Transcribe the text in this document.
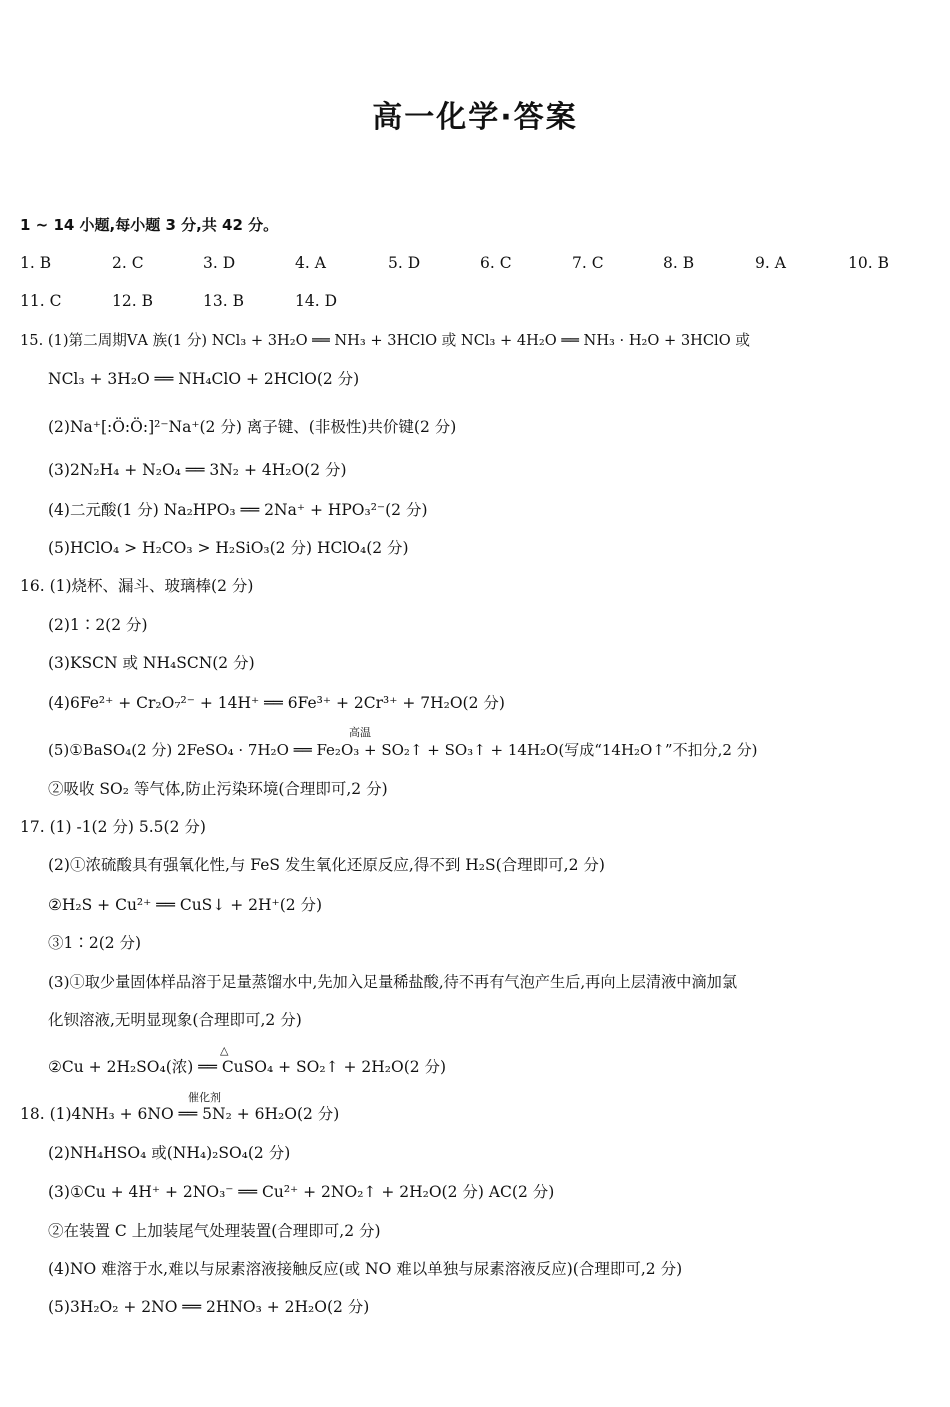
高一化学·答案
1 ~ 14 小题,每小题 3 分,共 42 分。
1. B	2. C	3. D	4. A	5. D	6. C	7. C	8. B	9. A	10. B
11. C	12. B	13. B	14. D
15. (1)第二周期ⅤA 族(1 分) NCl₃ + 3H₂O ══ NH₃ + 3HClO 或 NCl₃ + 4H₂O ══ NH₃ · H₂O + 3HClO 或
NCl₃ + 3H₂O ══ NH₄ClO + 2HClO(2 分)
(2)Na⁺[:Ö:Ö:]²⁻Na⁺(2 分) 离子键、(非极性)共价键(2 分)
(3)2N₂H₄ + N₂O₄ ══ 3N₂ + 4H₂O(2 分)
(4)二元酸(1 分) Na₂HPO₃ ══ 2Na⁺ + HPO₃²⁻(2 分)
(5)HClO₄ > H₂CO₃ > H₂SiO₃(2 分) HClO₄(2 分)
16. (1)烧杯、漏斗、玻璃棒(2 分)
(2)1∶2(2 分)
(3)KSCN 或 NH₄SCN(2 分)
(4)6Fe²⁺ + Cr₂O₇²⁻ + 14H⁺ ══ 6Fe³⁺ + 2Cr³⁺ + 7H₂O(2 分)
高温
(5)①BaSO₄(2 分) 2FeSO₄ · 7H₂O ══ Fe₂O₃ + SO₂↑ + SO₃↑ + 14H₂O(写成“14H₂O↑”不扣分,2 分)
②吸收 SO₂ 等气体,防止污染环境(合理即可,2 分)
17. (1) -1(2 分) 5.5(2 分)
(2)①浓硫酸具有强氧化性,与 FeS 发生氧化还原反应,得不到 H₂S(合理即可,2 分)
②H₂S + Cu²⁺ ══ CuS↓ + 2H⁺(2 分)
③1∶2(2 分)
(3)①取少量固体样品溶于足量蒸馏水中,先加入足量稀盐酸,待不再有气泡产生后,再向上层清液中滴加氯
化钡溶液,无明显现象(合理即可,2 分)
△
②Cu + 2H₂SO₄(浓) ══ CuSO₄ + SO₂↑ + 2H₂O(2 分)
催化剂
18. (1)4NH₃ + 6NO ══ 5N₂ + 6H₂O(2 分)
(2)NH₄HSO₄ 或(NH₄)₂SO₄(2 分)
(3)①Cu + 4H⁺ + 2NO₃⁻ ══ Cu²⁺ + 2NO₂↑ + 2H₂O(2 分) AC(2 分)
②在装置 C 上加装尾气处理装置(合理即可,2 分)
(4)NO 难溶于水,难以与尿素溶液接触反应(或 NO 难以单独与尿素溶液反应)(合理即可,2 分)
(5)3H₂O₂ + 2NO ══ 2HNO₃ + 2H₂O(2 分)
